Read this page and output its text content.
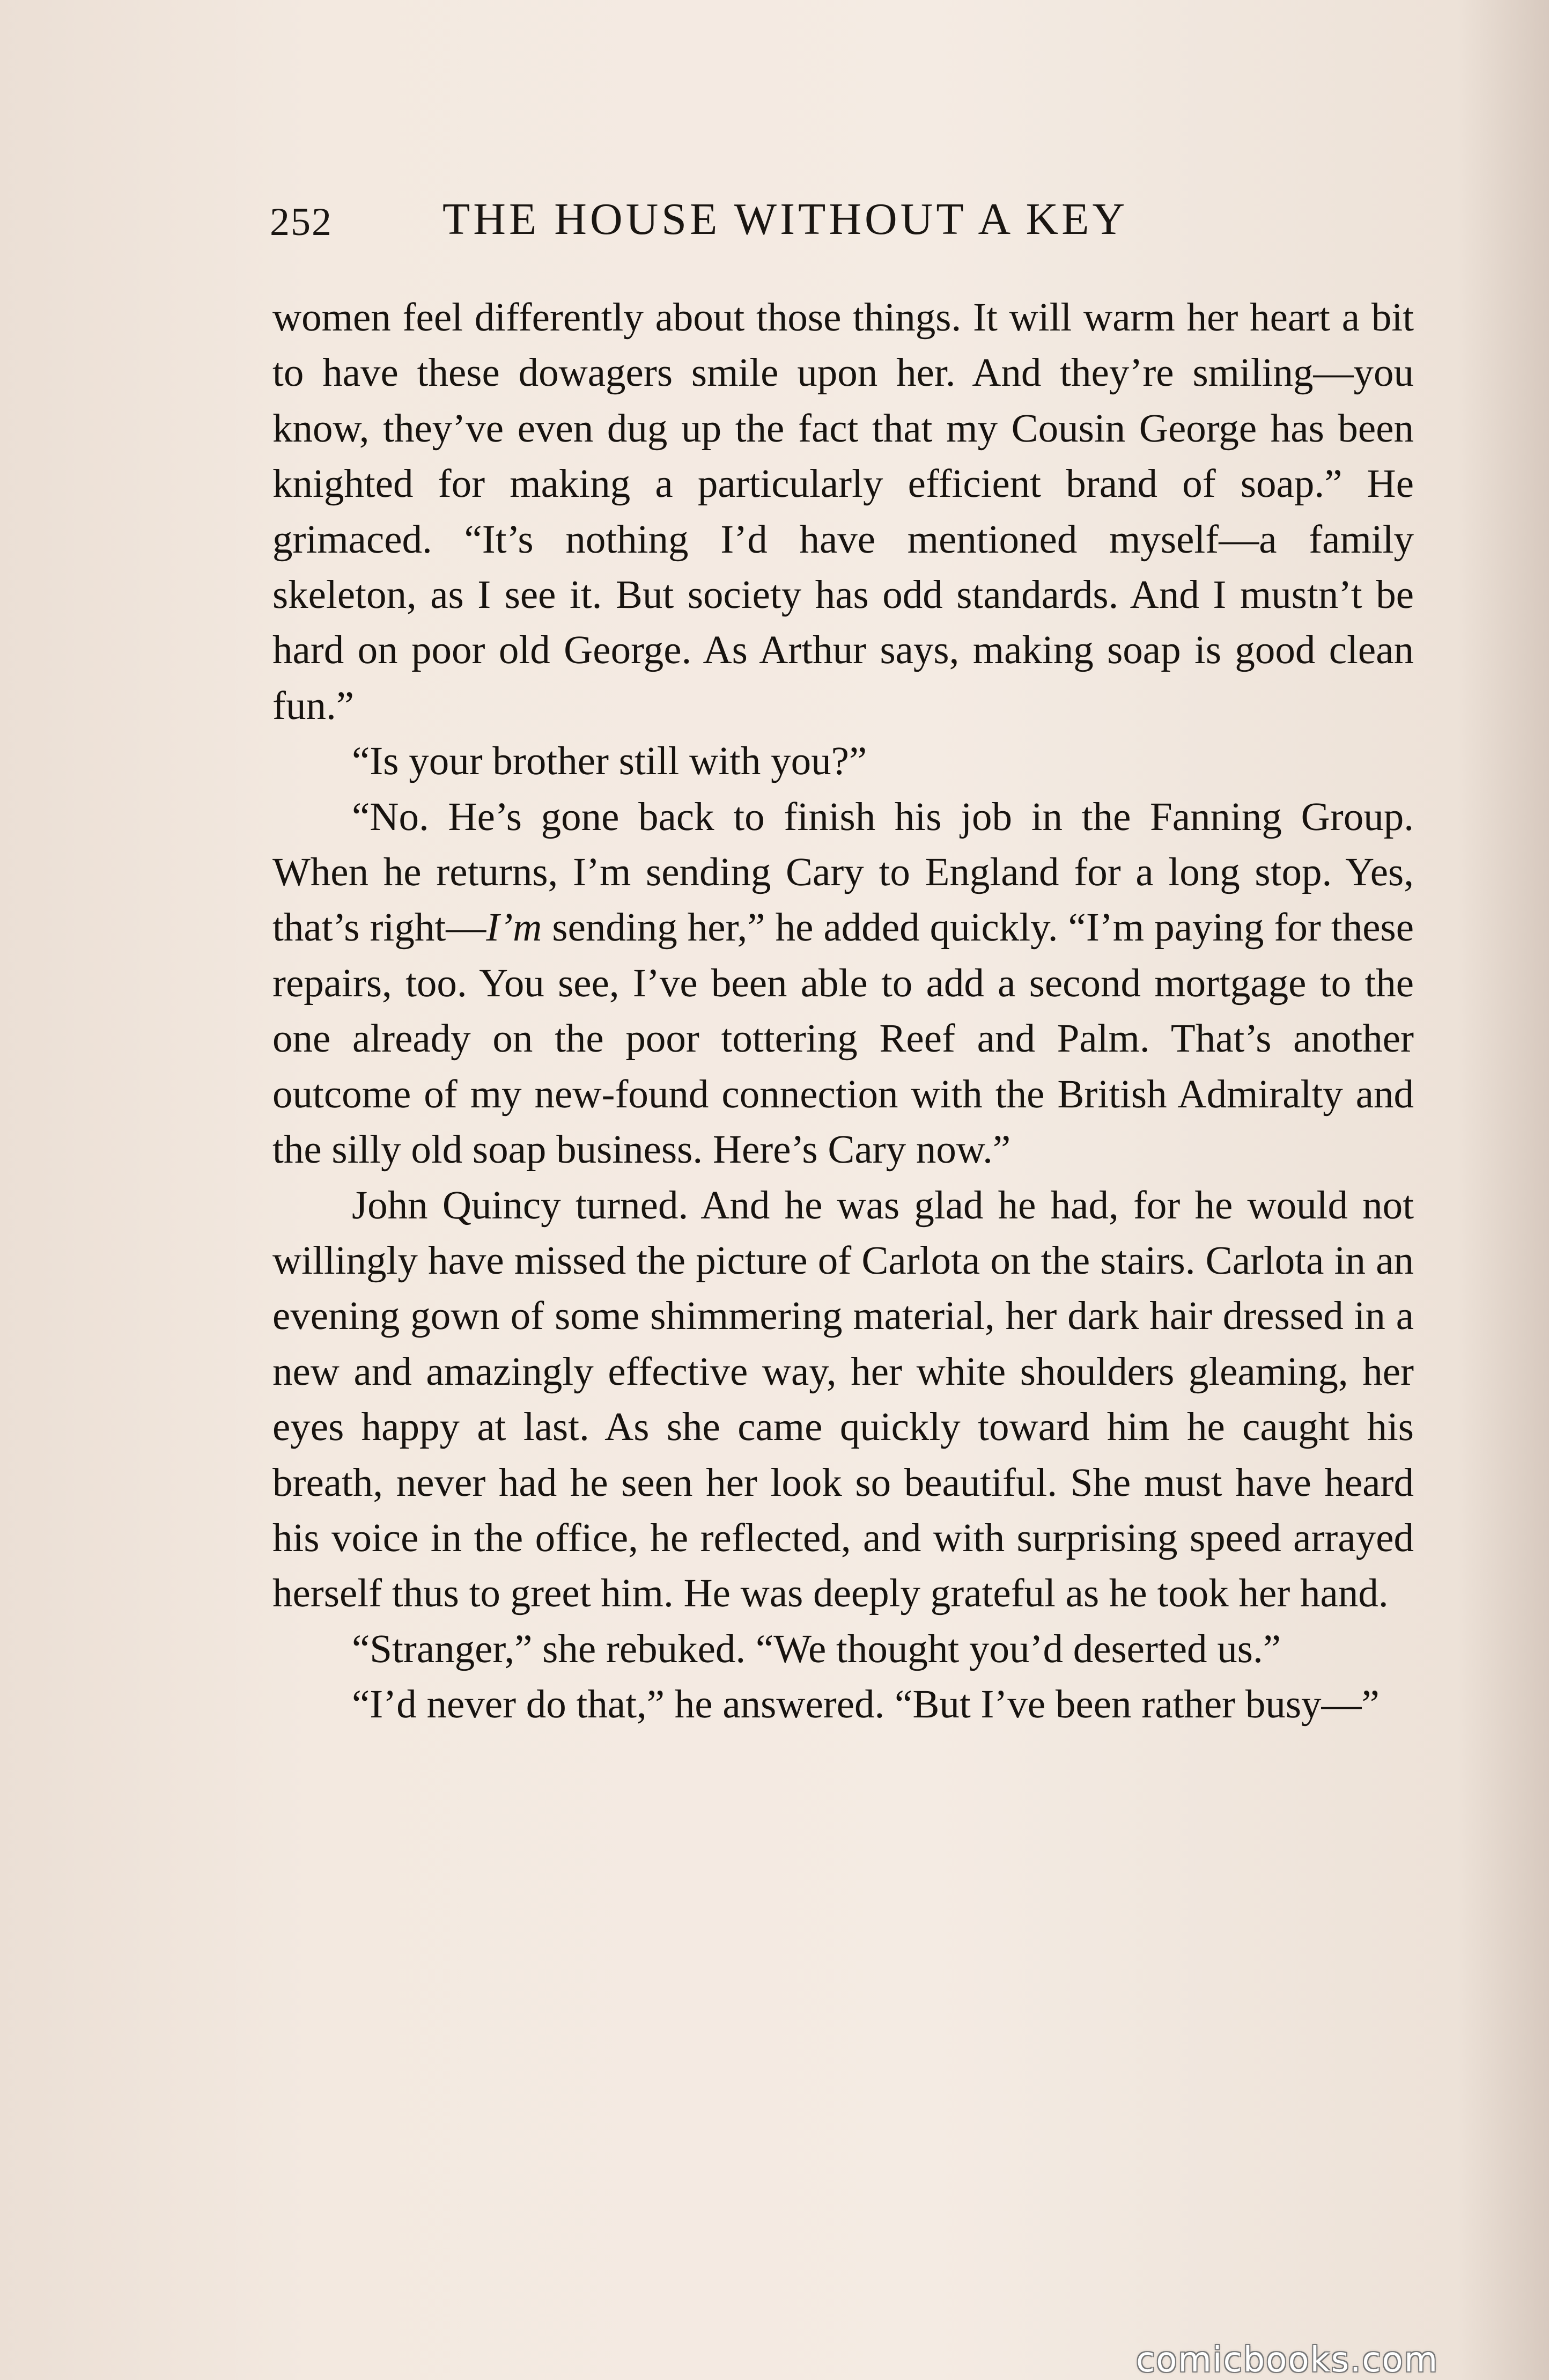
252 THE HOUSE WITHOUT A KEY

women feel differently about those things. It will warm her heart a bit to have these dowagers smile upon her. And they’re smiling—you know, they’ve even dug up the fact that my Cousin George has been knighted for making a particularly efficient brand of soap.” He grimaced. “It’s nothing I’d have mentioned myself—a family skeleton, as I see it. But society has odd standards. And I mustn’t be hard on poor old George. As Arthur says, making soap is good clean fun.”

“Is your brother still with you?”

“No. He’s gone back to finish his job in the Fanning Group. When he returns, I’m sending Cary to England for a long stop. Yes, that’s right—I’m sending her,” he added quickly. “I’m paying for these repairs, too. You see, I’ve been able to add a second mortgage to the one already on the poor tottering Reef and Palm. That’s another outcome of my new-found connection with the British Admiralty and the silly old soap business. Here’s Cary now.”

John Quincy turned. And he was glad he had, for he would not willingly have missed the picture of Carlota on the stairs. Carlota in an evening gown of some shimmering material, her dark hair dressed in a new and amazingly effective way, her white shoulders gleaming, her eyes happy at last. As she came quickly toward him he caught his breath, never had he seen her look so beautiful. She must have heard his voice in the office, he reflected, and with surprising speed arrayed herself thus to greet him. He was deeply grateful as he took her hand.

“Stranger,” she rebuked. “We thought you’d deserted us.”

“I’d never do that,” he answered. “But I’ve been rather busy—”

comicbooks.com
